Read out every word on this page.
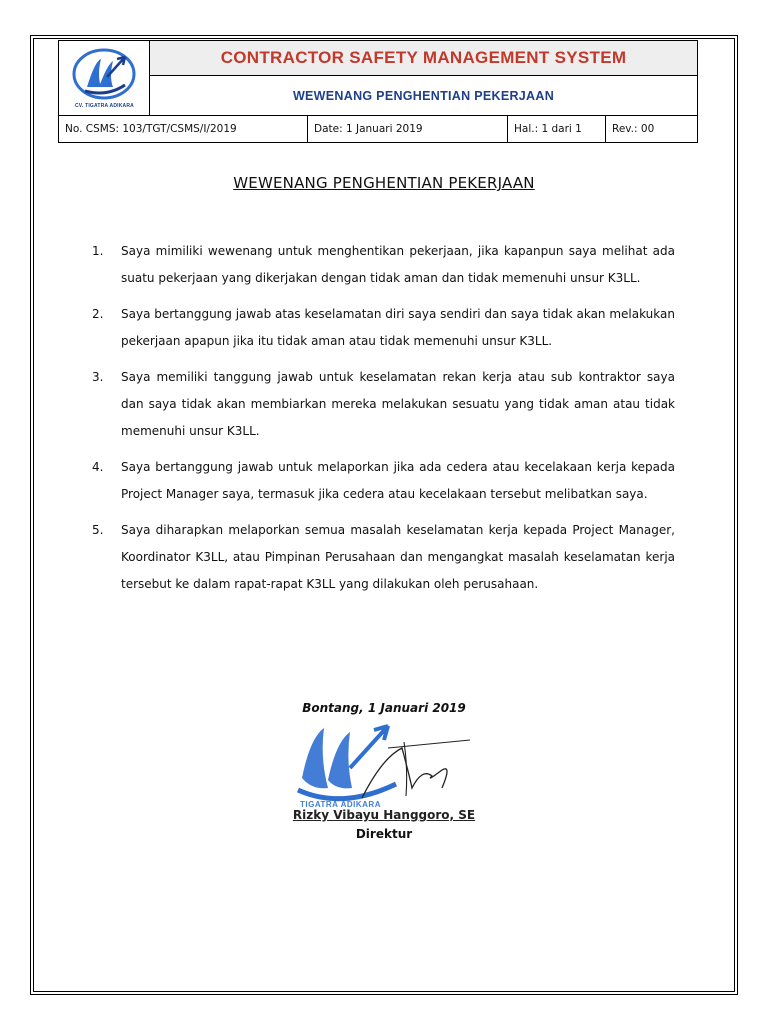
CV. TIGATRA ADIKARA
CONTRACTOR SAFETY MANAGEMENT SYSTEM
WEWENANG PENGHENTIAN PEKERJAAN
No. CSMS: 103/TGT/CSMS/I/2019	Date: 1 Januari 2019	Hal.: 1 dari 1	Rev.: 00
WEWENANG PENGHENTIAN PEKERJAAN
1. Saya mimiliki wewenang untuk menghentikan pekerjaan, jika kapanpun saya melihat ada suatu pekerjaan yang dikerjakan dengan tidak aman dan tidak memenuhi unsur K3LL.
2. Saya bertanggung jawab atas keselamatan diri saya sendiri dan saya tidak akan melakukan pekerjaan apapun jika itu tidak aman atau tidak memenuhi unsur K3LL.
3. Saya memiliki tanggung jawab untuk keselamatan rekan kerja atau sub kontraktor saya dan saya tidak akan membiarkan mereka melakukan sesuatu yang tidak aman atau tidak memenuhi unsur K3LL.
4. Saya bertanggung jawab untuk melaporkan jika ada cedera atau kecelakaan kerja kepada Project Manager saya, termasuk jika cedera atau kecelakaan tersebut melibatkan saya.
5. Saya diharapkan melaporkan semua masalah keselamatan kerja kepada Project Manager, Koordinator K3LL, atau Pimpinan Perusahaan dan mengangkat masalah keselamatan kerja tersebut ke dalam rapat-rapat K3LL yang dilakukan oleh perusahaan.
Bontang, 1 Januari 2019
TIGATRA ADIKARA
Rizky Vibayu Hanggoro, SE
Direktur
